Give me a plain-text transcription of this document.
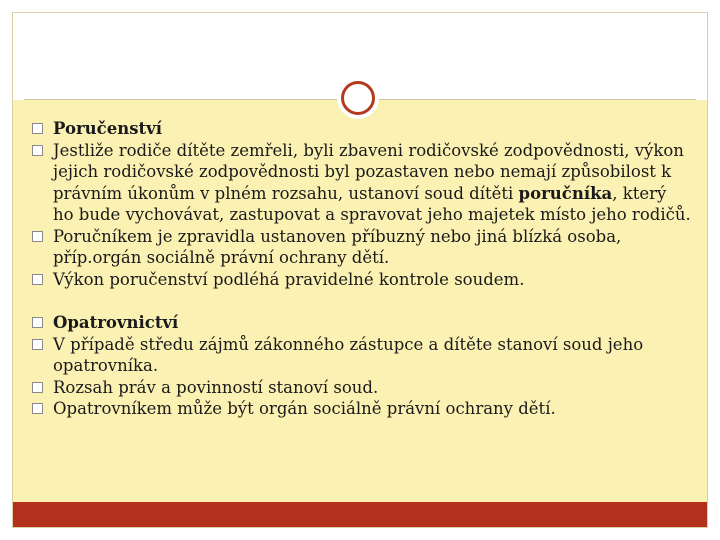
Poručenství
Jestliže rodiče dítěte zemřeli, byli zbaveni rodičovské zodpovědnosti, výkon jejich rodičovské zodpovědnosti byl pozastaven nebo nemají způsobilost k právním úkonům v plném rozsahu, ustanoví soud dítěti poručníka, který ho bude vychovávat, zastupovat a spravovat jeho majetek místo jeho rodičů.
Poručníkem je zpravidla ustanoven příbuzný nebo jiná blízká osoba, příp.orgán sociálně právní ochrany dětí.
Výkon poručenství podléhá pravidelné kontrole soudem.
Opatrovnictví
V případě středu zájmů zákonného zástupce a dítěte stanoví soud jeho opatrovníka.
Rozsah práv a povinností stanoví soud.
Opatrovníkem může být orgán sociálně právní ochrany dětí.
